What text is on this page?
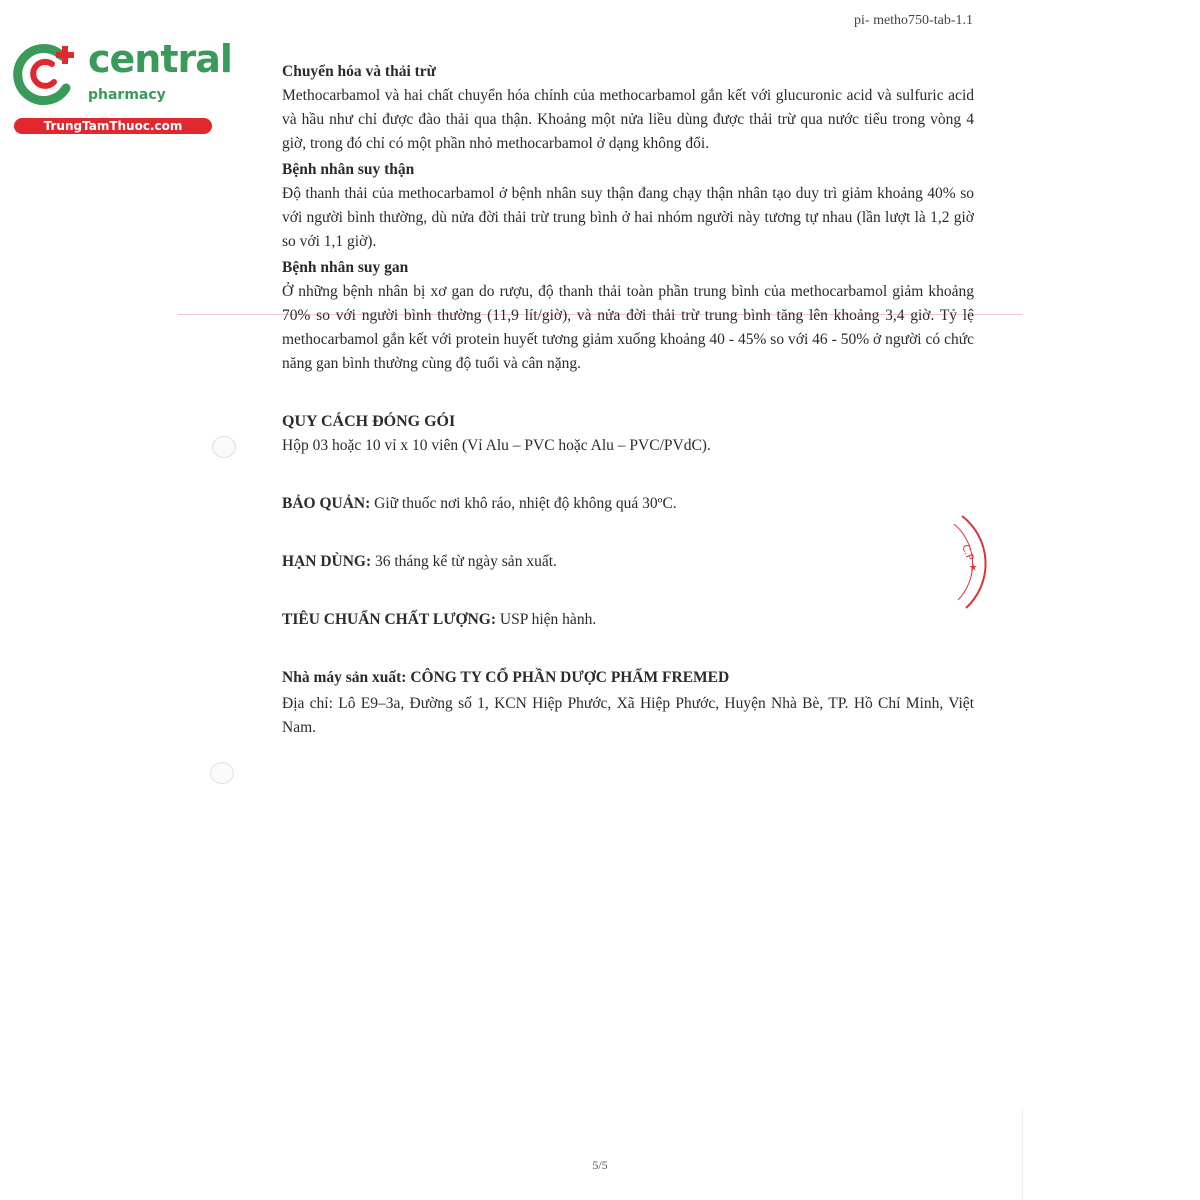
pi- metho750-tab-1.1
central
pharmacy
TrungTamThuoc.com
C.P ★

Chuyển hóa và thải trừ

Methocarbamol và hai chất chuyển hóa chính của methocarbamol gắn kết với glucuronic acid và sulfuric acid và hầu như chỉ được đào thải qua thận. Khoảng một nửa liều dùng được thải trừ qua nước tiểu trong vòng 4 giờ, trong đó chỉ có một phần nhỏ methocarbamol ở dạng không đổi.

Bệnh nhân suy thận

Độ thanh thải của methocarbamol ở bệnh nhân suy thận đang chạy thận nhân tạo duy trì giảm khoảng 40% so với người bình thường, dù nửa đời thải trừ trung bình ở hai nhóm người này tương tự nhau (lần lượt là 1,2 giờ so với 1,1 giờ).

Bệnh nhân suy gan

Ở những bệnh nhân bị xơ gan do rượu, độ thanh thải toàn phần trung bình của methocarbamol giảm khoảng 70% so với người bình thường (11,9 lít/giờ), và nửa đời thải trừ trung bình tăng lên khoảng 3,4 giờ. Tỷ lệ methocarbamol gắn kết với protein huyết tương giảm xuống khoảng 40 - 45% so với 46 - 50% ở người có chức năng gan bình thường cùng độ tuổi và cân nặng.

QUY CÁCH ĐÓNG GÓI

Hộp 03 hoặc 10 vỉ x 10 viên (Vỉ Alu – PVC hoặc Alu – PVC/PVdC).

BẢO QUẢN: Giữ thuốc nơi khô ráo, nhiệt độ không quá 30ºC.

HẠN DÙNG: 36 tháng kể từ ngày sản xuất.

TIÊU CHUẨN CHẤT LƯỢNG: USP hiện hành.

Nhà máy sản xuất: CÔNG TY CỔ PHẦN DƯỢC PHẨM FREMED

Địa chỉ: Lô E9–3a, Đường số 1, KCN Hiệp Phước, Xã Hiệp Phước, Huyện Nhà Bè, TP. Hồ Chí Minh, Việt Nam.

5/5
